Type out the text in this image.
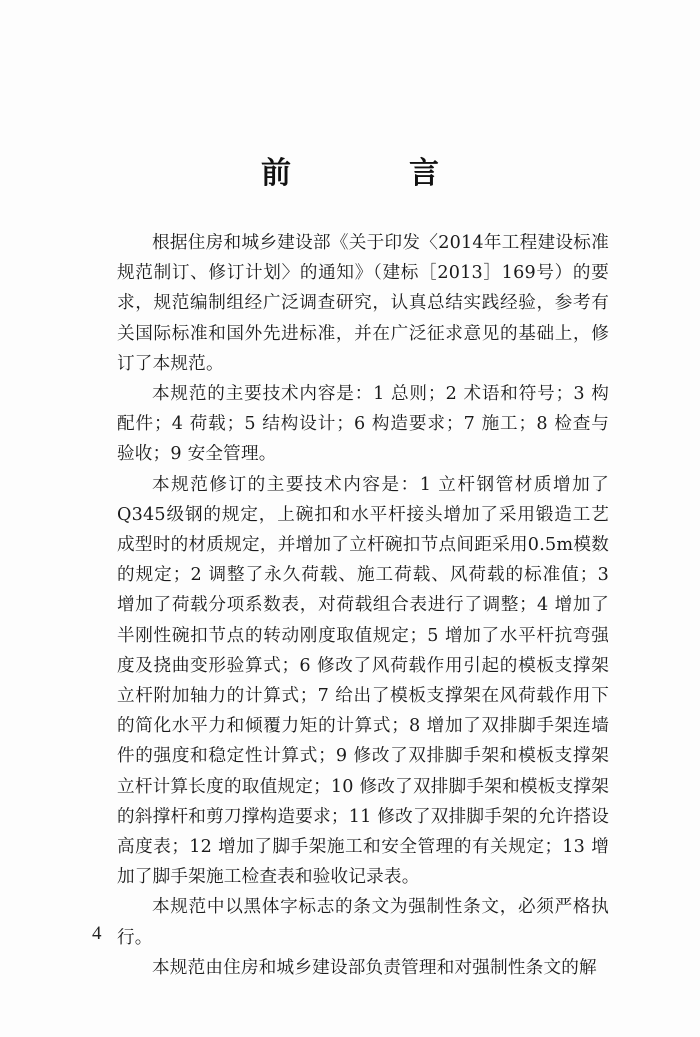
前　言

根据住房和城乡建设部《关于印发〈2014年工程建设标准规范制订、修订计划〉的通知》（建标［2013］169号）的要求，规范编制组经广泛调查研究，认真总结实践经验，参考有关国际标准和国外先进标准，并在广泛征求意见的基础上，修订了本规范。

本规范的主要技术内容是：1 总则；2 术语和符号；3 构配件；4 荷载；5 结构设计；6 构造要求；7 施工；8 检查与验收；9 安全管理。

本规范修订的主要技术内容是：1 立杆钢管材质增加了Q345级钢的规定，上碗扣和水平杆接头增加了采用锻造工艺成型时的材质规定，并增加了立杆碗扣节点间距采用0.5m模数的规定；2 调整了永久荷载、施工荷载、风荷载的标准值；3 增加了荷载分项系数表，对荷载组合表进行了调整；4 增加了半刚性碗扣节点的转动刚度取值规定；5 增加了水平杆抗弯强度及挠曲变形验算式；6 修改了风荷载作用引起的模板支撑架立杆附加轴力的计算式；7 给出了模板支撑架在风荷载作用下的简化水平力和倾覆力矩的计算式；8 增加了双排脚手架连墙件的强度和稳定性计算式；9 修改了双排脚手架和模板支撑架立杆计算长度的取值规定；10 修改了双排脚手架和模板支撑架的斜撑杆和剪刀撑构造要求；11 修改了双排脚手架的允许搭设高度表；12 增加了脚手架施工和安全管理的有关规定；13 增加了脚手架施工检查表和验收记录表。

本规范中以黑体字标志的条文为强制性条文，必须严格执行。

本规范由住房和城乡建设部负责管理和对强制性条文的解

4
